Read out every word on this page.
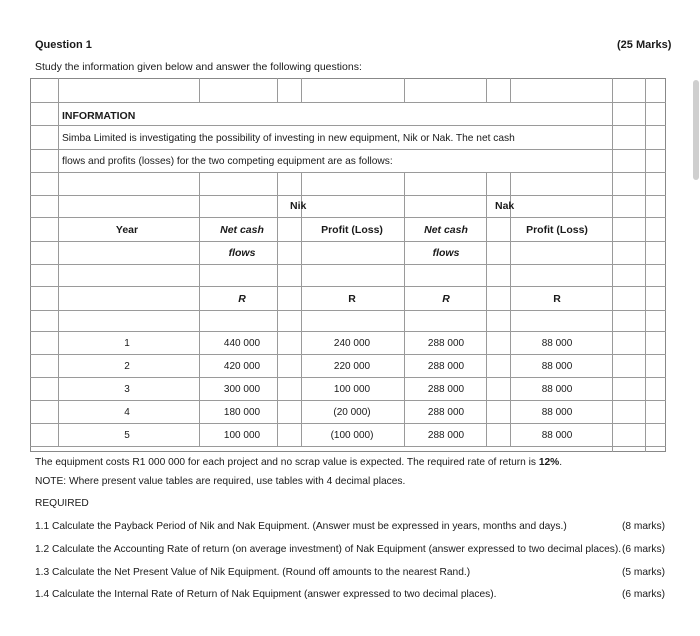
Question 1	(25 Marks)
Study the information given below and answer the following questions:
INFORMATION
Simba Limited is investigating the possibility of investing in new equipment, Nik or Nak. The net cash
flows and profits (losses) for the two competing equipment are as follows:
Nik	Nak
Year	Net cash	Profit (Loss)	Net cash	Profit (Loss)
flows	flows
R	R	R	R
1	440 000	240 000	288 000	88 000
2	420 000	220 000	288 000	88 000
3	300 000	100 000	288 000	88 000
4	180 000	(20 000)	288 000	88 000
5	100 000	(100 000)	288 000	88 000
The equipment costs R1 000 000 for each project and no scrap value is expected. The required rate of return is 12%.
NOTE: Where present value tables are required, use tables with 4 decimal places.
REQUIRED
1.1 Calculate the Payback Period of Nik and Nak Equipment. (Answer must be expressed in years, months and days.)	(8 marks)
1.2 Calculate the Accounting Rate of return (on average investment) of Nak Equipment (answer expressed to two decimal places). (6 marks)
1.3 Calculate the Net Present Value of Nik Equipment. (Round off amounts to the nearest Rand.)	(5 marks)
1.4 Calculate the Internal Rate of Return of Nak Equipment (answer expressed to two decimal places).	(6 marks)
